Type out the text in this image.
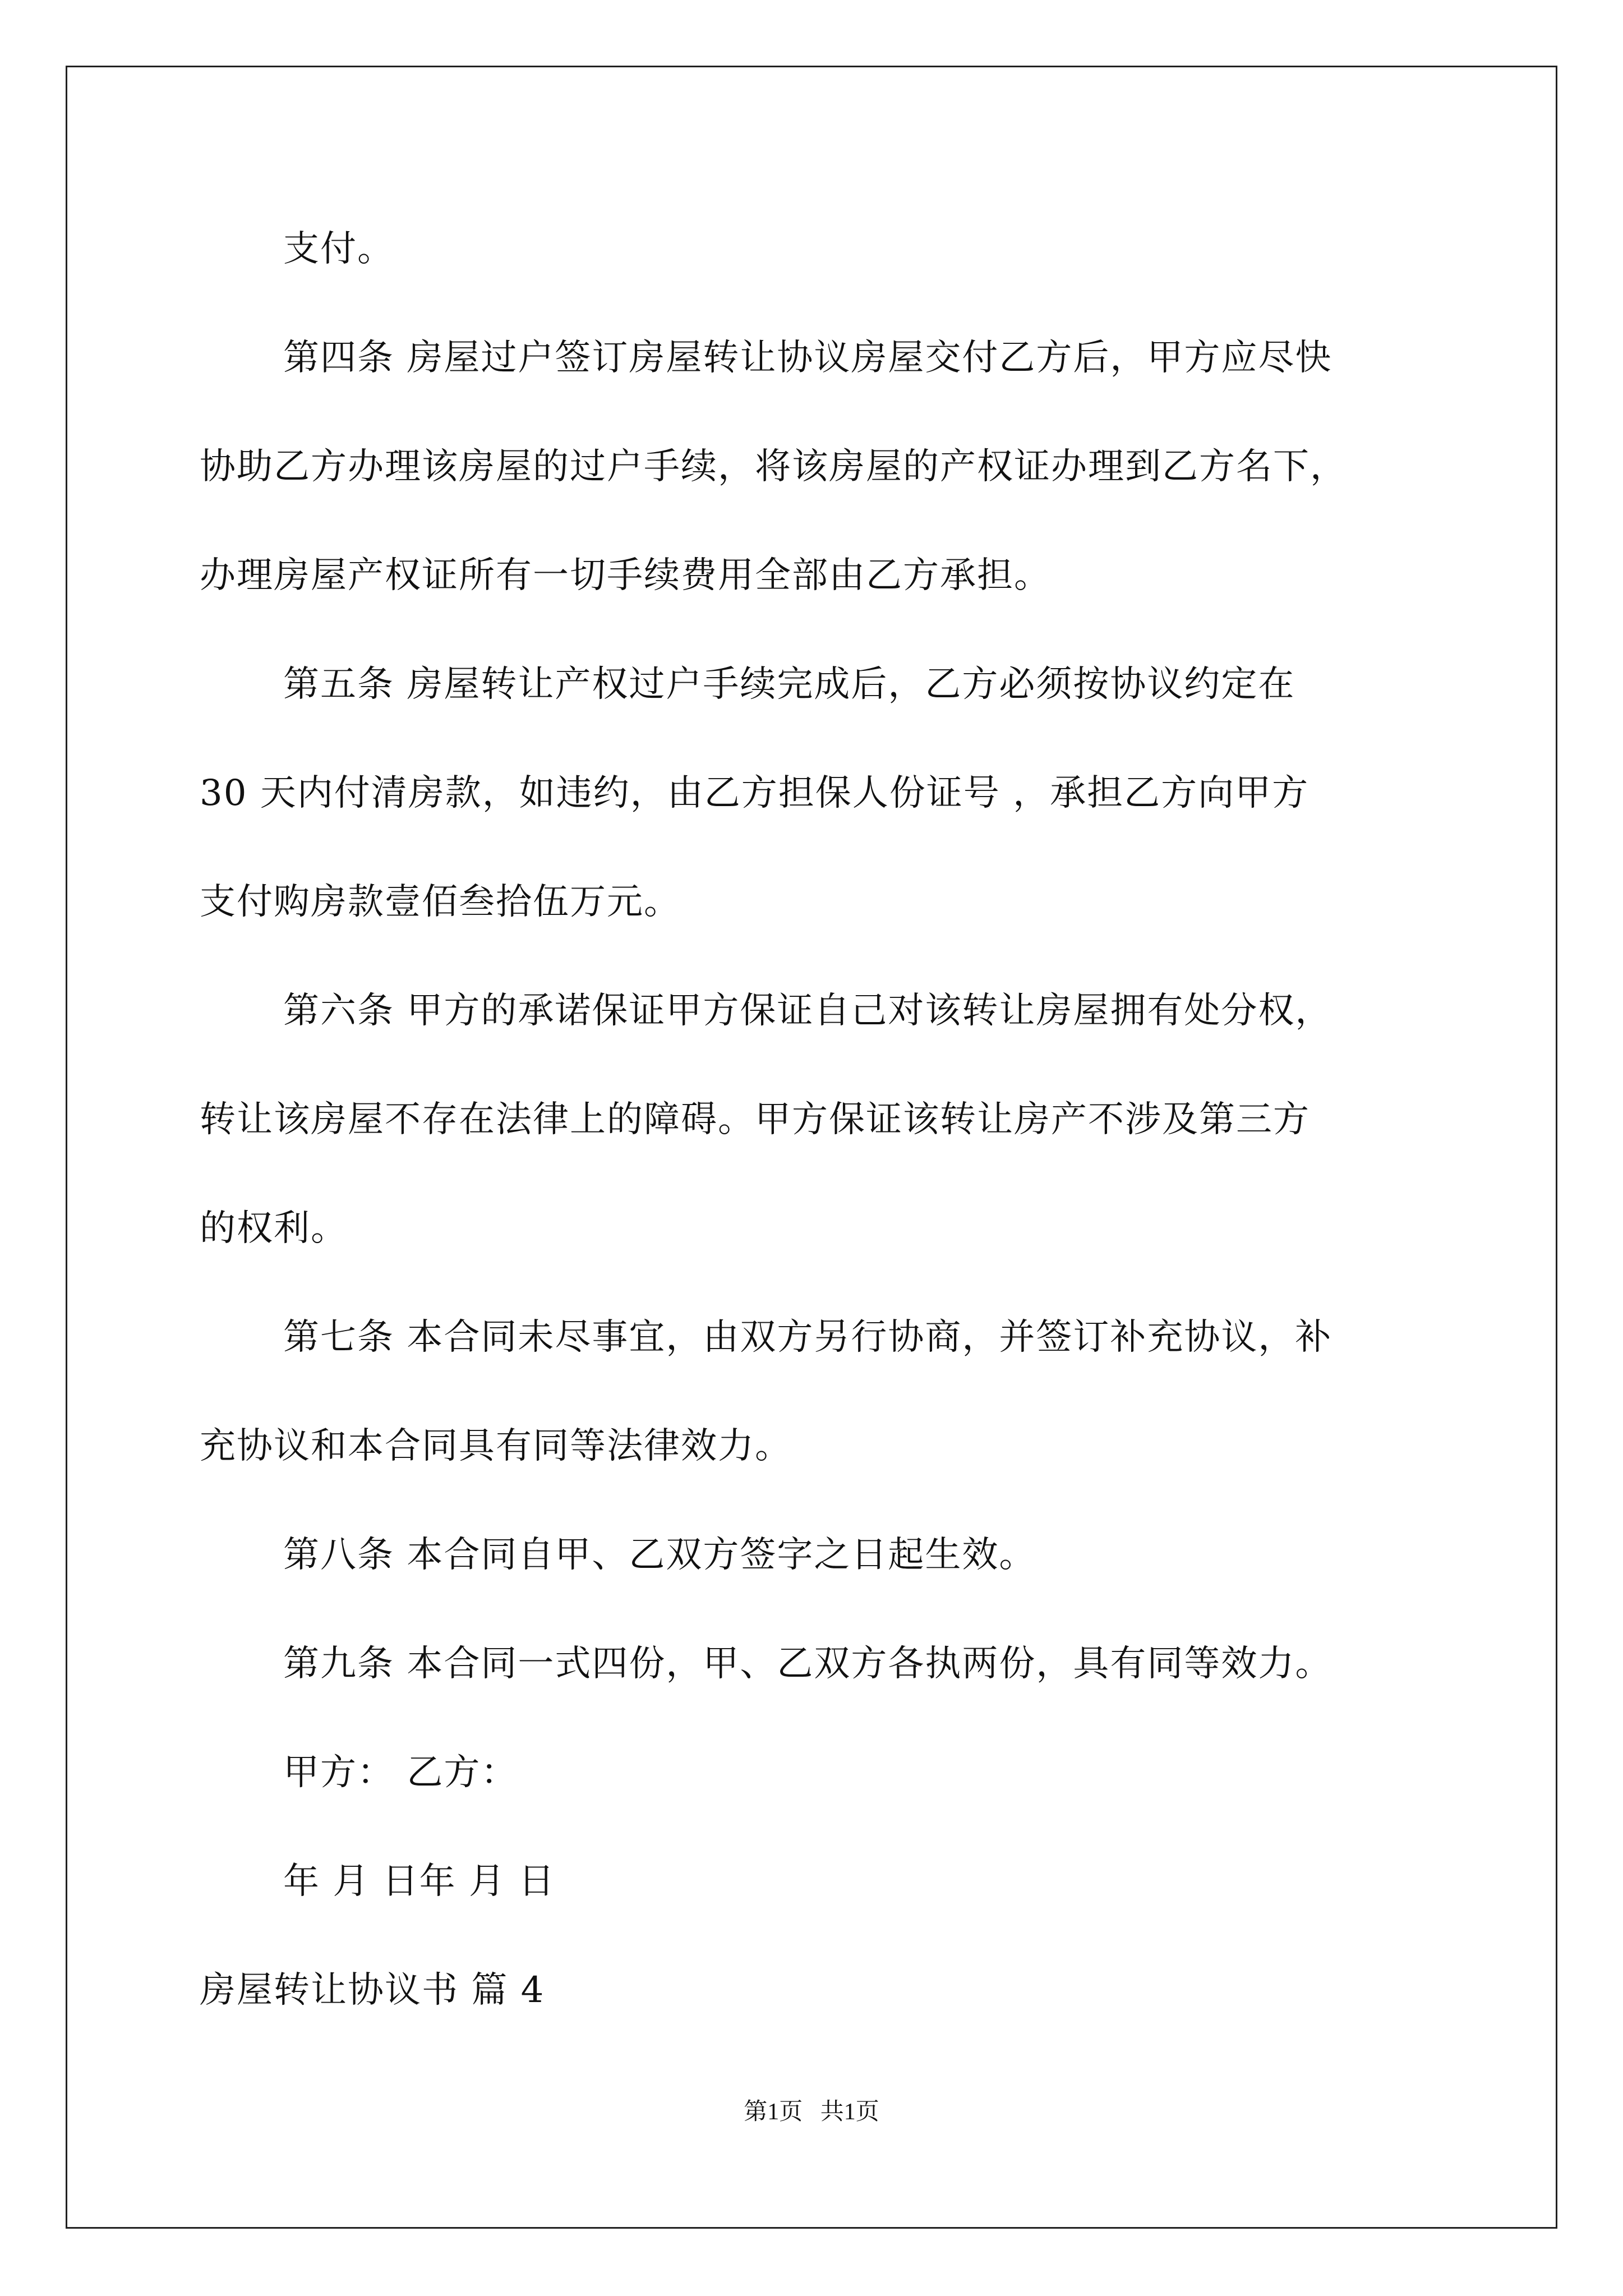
支付。
第四条 房屋过户签订房屋转让协议房屋交付乙方后，甲方应尽快
协助乙方办理该房屋的过户手续，将该房屋的产权证办理到乙方名下，
办理房屋产权证所有一切手续费用全部由乙方承担。
第五条 房屋转让产权过户手续完成后，乙方必须按协议约定在
30 天内付清房款，如违约，由乙方担保人份证号 ，承担乙方向甲方
支付购房款壹佰叁拾伍万元。
第六条 甲方的承诺保证甲方保证自己对该转让房屋拥有处分权，
转让该房屋不存在法律上的障碍。甲方保证该转让房产不涉及第三方
的权利。
第七条 本合同未尽事宜，由双方另行协商，并签订补充协议，补
充协议和本合同具有同等法律效力。
第八条 本合同自甲、乙双方签字之日起生效。
第九条 本合同一式四份，甲、乙双方各执两份，具有同等效力。
甲方： 乙方：
年 月 日年 月 日
房屋转让协议书 篇 4
第1页   共1页
